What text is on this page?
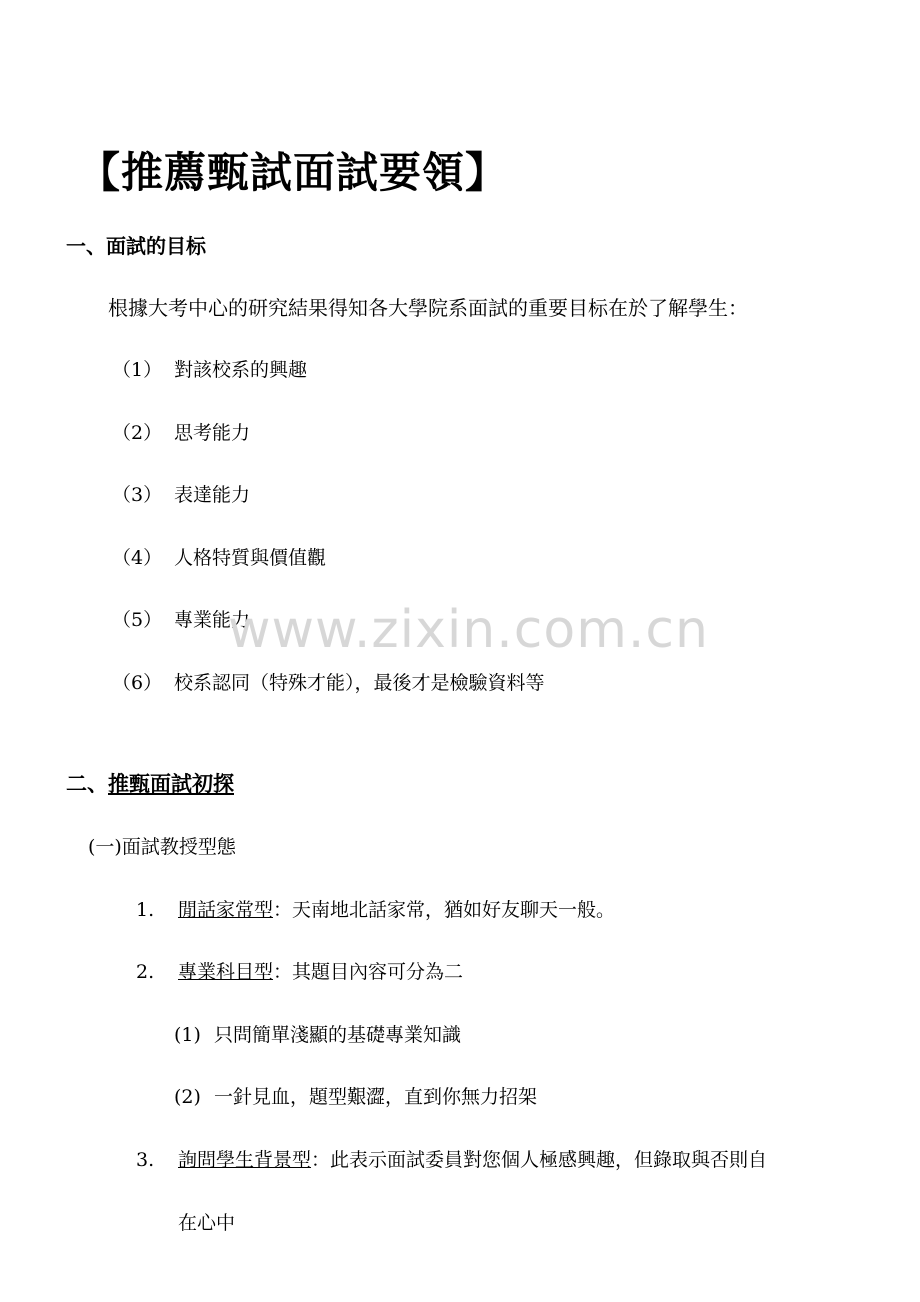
【推薦甄試面試要領】
一、面試的目标
根據大考中心的研究結果得知各大學院系面試的重要目标在於了解學生：
（1） 對該校系的興趣
（2） 思考能力
（3） 表達能力
（4） 人格特質與價值觀
（5） 專業能力
（6） 校系認同（特殊才能），最後才是檢驗資料等
www.zixin.com.cn
二、推甄面試初探
(一)面試教授型態
1. 閒話家常型：天南地北話家常，猶如好友聊天一般。
2. 專業科目型：其題目內容可分為二
(1) 只問簡單淺顯的基礎專業知識
(2) 一針見血，題型艱澀，直到你無力招架
3. 詢問學生背景型：此表示面試委員對您個人極感興趣，但錄取與否則自
在心中
